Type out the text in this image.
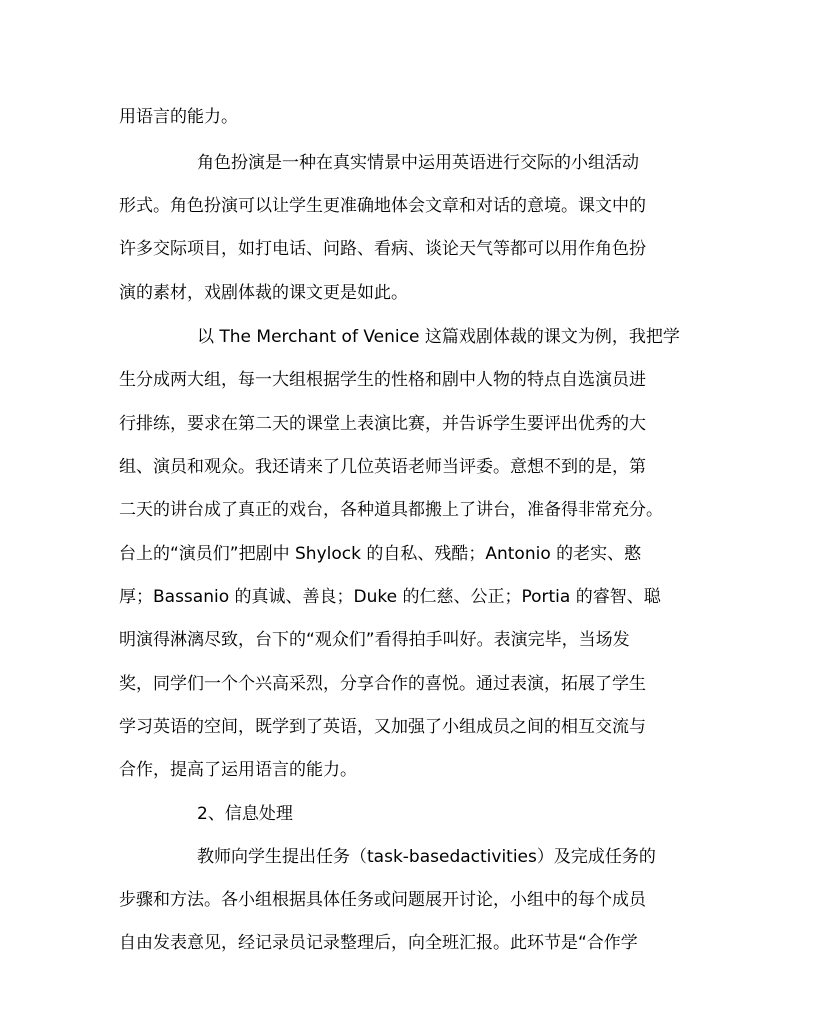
用语言的能力。
角色扮演是一种在真实情景中运用英语进行交际的小组活动
形式。角色扮演可以让学生更准确地体会文章和对话的意境。课文中的
许多交际项目，如打电话、问路、看病、谈论天气等都可以用作角色扮
演的素材，戏剧体裁的课文更是如此。
以 The Merchant of Venice 这篇戏剧体裁的课文为例，我把学
生分成两大组，每一大组根据学生的性格和剧中人物的特点自选演员进
行排练，要求在第二天的课堂上表演比赛，并告诉学生要评出优秀的大
组、演员和观众。我还请来了几位英语老师当评委。意想不到的是，第
二天的讲台成了真正的戏台，各种道具都搬上了讲台，准备得非常充分。
台上的“演员们”把剧中 Shylock 的自私、残酷；Antonio 的老实、憨
厚；Bassanio 的真诚、善良；Duke 的仁慈、公正；Portia 的睿智、聪
明演得淋漓尽致，台下的“观众们”看得拍手叫好。表演完毕，当场发
奖，同学们一个个兴高采烈，分享合作的喜悦。通过表演，拓展了学生
学习英语的空间，既学到了英语，又加强了小组成员之间的相互交流与
合作，提高了运用语言的能力。
2、信息处理
教师向学生提出任务（task-basedactivities）及完成任务的
步骤和方法。各小组根据具体任务或问题展开讨论，小组中的每个成员
自由发表意见，经记录员记录整理后，向全班汇报。此环节是“合作学
